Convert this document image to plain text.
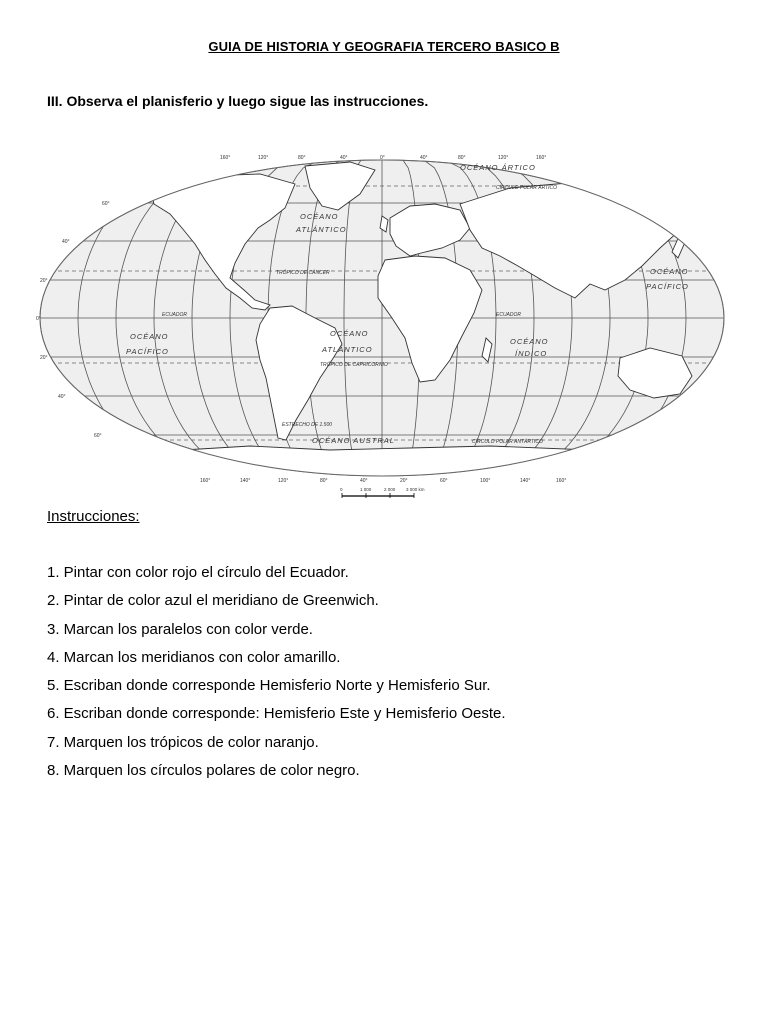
GUIA DE HISTORIA Y GEOGRAFIA TERCERO BASICO B
III. Observa el planisferio y luego sigue las instrucciones.
OCÉANO ÁRTICO
OCÉANO
ATLÁNTICO
OCÉANO
PACÍFICO
OCÉANO
PACÍFICO
OCÉANO
ATLÁNTICO
OCÉANO
ÍNDICO
OCÉANO AUSTRAL
CÍRCULO POLAR ÁRTICO
TRÓPICO DE CÁNCER
ECUADOR	ECUADOR
TRÓPICO DE CAPRICORNIO
CÍRCULO POLAR ANTÁRTICO
ESTRECHO DE 1.500
160°	120°	80°	40°	0°	40°	80°	120°	160°
160°	140°	120°	80°	40°	20°	60°	100°	140°	160°
60°
40°
20°
0°
20°
40°
60°
0	1 000	2 000 3 000 km
Instrucciones:
1. Pintar con color rojo el círculo del Ecuador.
2. Pintar de color azul el meridiano de Greenwich.
3. Marcan los paralelos con color verde.
4. Marcan los meridianos con color amarillo.
5. Escriban donde corresponde Hemisferio Norte y Hemisferio Sur.
6. Escriban donde corresponde: Hemisferio Este y Hemisferio Oeste.
7. Marquen los trópicos de color naranjo.
8. Marquen los círculos polares de color negro.
